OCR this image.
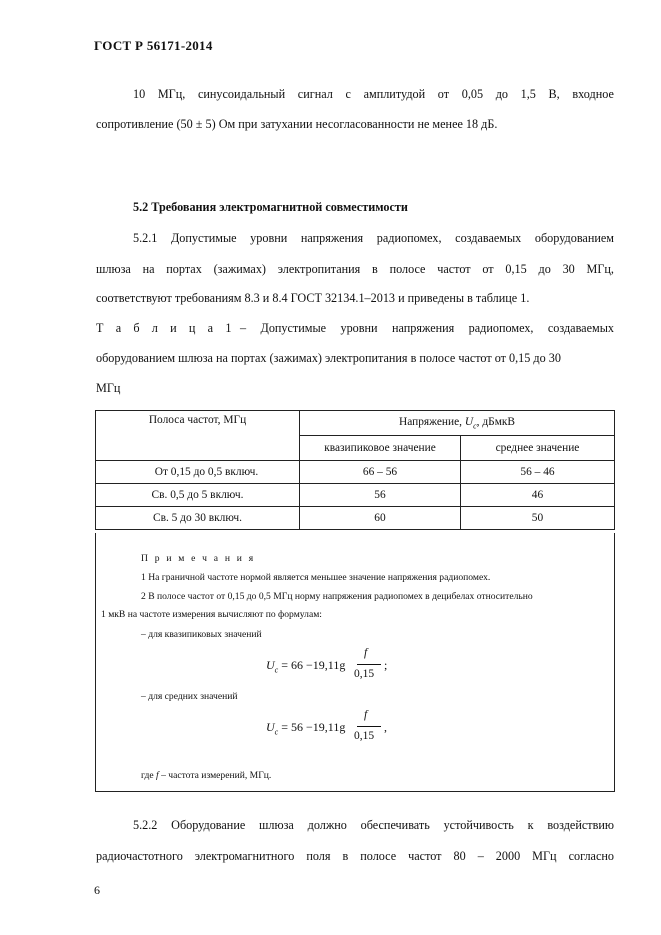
ГОСТ Р 56171-2014
10 МГц, синусоидальный сигнал с амплитудой от 0,05 до 1,5 В, входное
сопротивление (50 ± 5) Ом при затухании несогласованности не менее 18 дБ.
5.2 Требования электромагнитной совместимости
5.2.1 Допустимые уровни напряжения радиопомех, создаваемых оборудованием
шлюза на портах (зажимах) электропитания в полосе частот от 0,15 до 30 МГц,
соответствуют требованиям 8.3 и 8.4 ГОСТ 32134.1–2013 и приведены в таблице 1.
Т а б л и ц а 1 – Допустимые уровни напряжения радиопомех, создаваемых
оборудованием шлюза на портах (зажимах) электропитания в полосе частот от 0,15 до 30
МГц
Полоса частот, МГц	Напряжение, $U_c$, дБмкВ	
	квазипиковое значение	среднее значение
От 0,15 до 0,5 включ.	66 – 56	56 – 46
Св. 0,5 до 5 включ.	56	46
Св. 5 до 30 включ.	60	50
П р и м е ч а н и я
1 На граничной частоте нормой является меньшее значение напряжения радиопомех.
2 В полосе частот от 0,15 до 0,5 МГц норму напряжения радиопомех в децибелах относительно
1 мкВ на частоте измерения вычисляют по формулам:
– для квазипиковых значений
$U_c = 66 -19,11g$
f
0,15
;
– для средних значений
$U_c = 56 -19,11g$
f
0,15
,
где f – частота измерений, МГц.
5.2.2 Оборудование шлюза должно обеспечивать устойчивость к воздействию
радиочастотного электромагнитного поля в полосе частот 80 – 2000 МГц согласно
6
